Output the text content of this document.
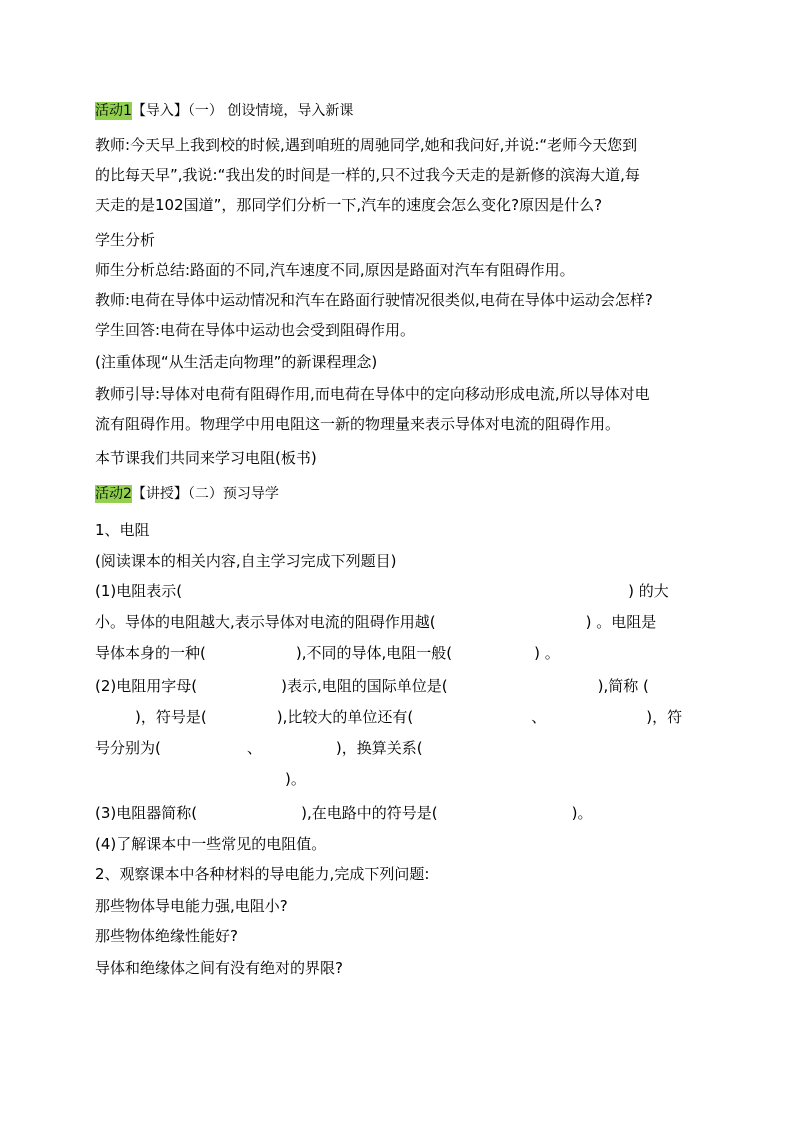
活动1【导入】（一） 创设情境，导入新课
教师:今天早上我到校的时候,遇到咱班的周驰同学,她和我问好,并说:“老师今天您到
的比每天早”,我说:“我出发的时间是一样的,只不过我今天走的是新修的滨海大道,每
天走的是102国道”，那同学们分析一下,汽车的速度会怎么变化?原因是什么?
学生分析
师生分析总结:路面的不同,汽车速度不同,原因是路面对汽车有阻碍作用。
教师:电荷在导体中运动情况和汽车在路面行驶情况很类似,电荷在导体中运动会怎样?
学生回答:电荷在导体中运动也会受到阻碍作用。
(注重体现“从生活走向物理”的新课程理念)
教师引导:导体对电荷有阻碍作用,而电荷在导体中的定向移动形成电流,所以导体对电
流有阻碍作用。物理学中用电阻这一新的物理量来表示导体对电流的阻碍作用。
本节课我们共同来学习电阻(板书)
活动2【讲授】（二）预习导学
1、电阻
(阅读课本的相关内容,自主学习完成下列题目)
(1)电阻表示(	) 的大
小。导体的电阻越大,表示导体对电流的阻碍作用越(	) 。电阻是
导体本身的一种(	),不同的导体,电阻一般(	) 。
(2)电阻用字母(	)表示,电阻的国际单位是(	),简称 (
)，符号是(	),比较大的单位还有(	、	)，符
号分别为(	、	)，换算关系(
)。
(3)电阻器简称(	),在电路中的符号是(	)。
(4)了解课本中一些常见的电阻值。
2、观察课本中各种材料的导电能力,完成下列问题:
那些物体导电能力强,电阻小?
那些物体绝缘性能好?
导体和绝缘体之间有没有绝对的界限?
